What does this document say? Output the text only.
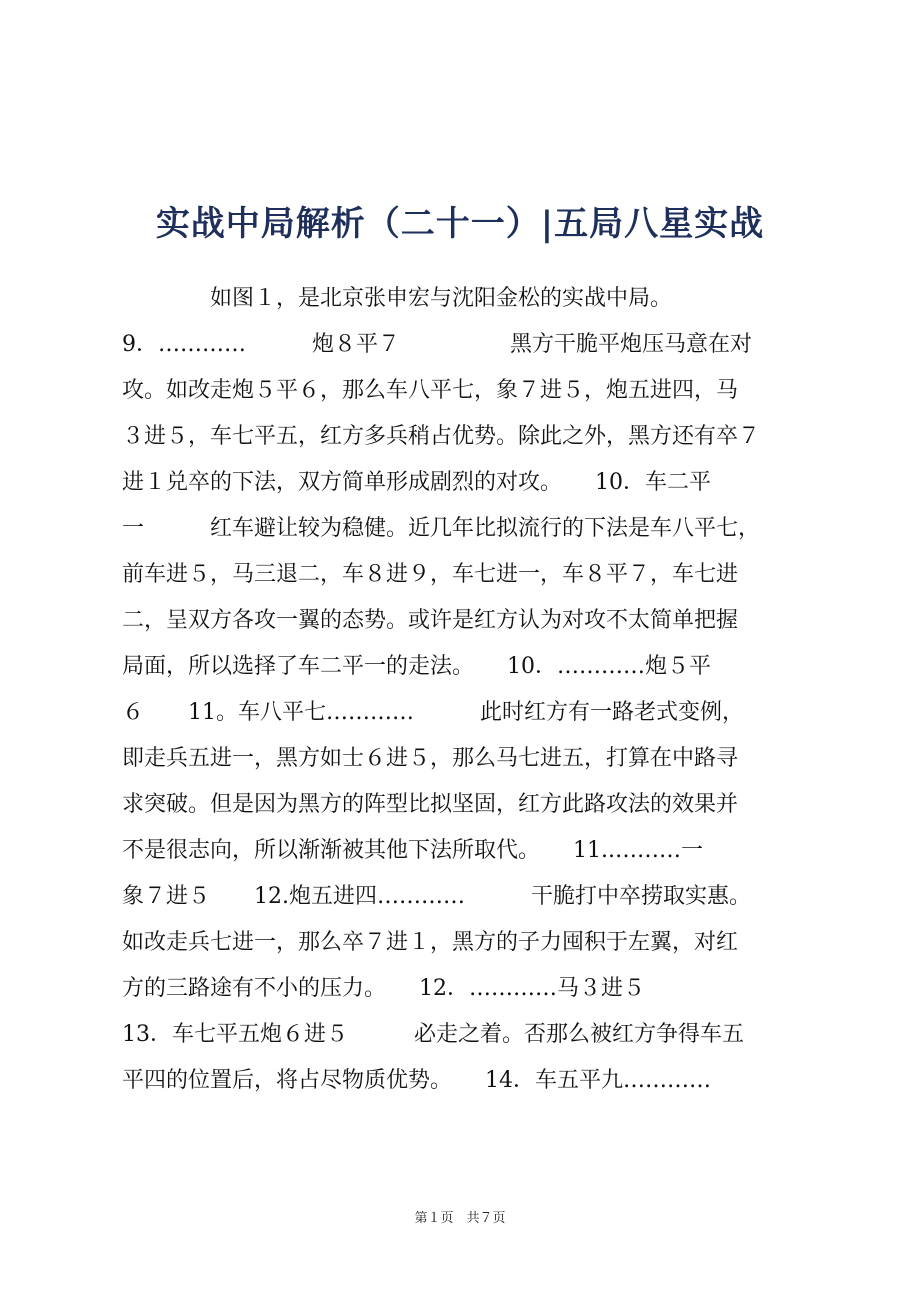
实战中局解析（二十一）|五局八星实战
　　　　如图１，是北京张申宏与沈阳金松的实战中局。
9．…………　　　炮８平７　　　　　黑方干脆平炮压马意在对
攻。如改走炮５平６，那么车八平七，象７进５，炮五进四，马
３进５，车七平五，红方多兵稍占优势。除此之外，黑方还有卒７
进１兑卒的下法，双方简单形成剧烈的对攻。　　10．车二平
一　　　红车避让较为稳健。近几年比拟流行的下法是车八平七，
前车进５，马三退二，车８进９，车七进一，车８平７，车七进
二，呈双方各攻一翼的态势。或许是红方认为对攻不太简单把握
局面，所以选择了车二平一的走法。　　10．…………炮５平
６　　11。车八平七…………　　　此时红方有一路老式变例，
即走兵五进一，黑方如士６进５，那么马七进五，打算在中路寻
求突破。但是因为黑方的阵型比拟坚固，红方此路攻法的效果并
不是很志向，所以渐渐被其他下法所取代。　　11..………一
象７进５　　12.炮五进四…………　　　干脆打中卒捞取实惠。
如改走兵七进一，那么卒７进１，黑方的子力囤积于左翼，对红
方的三路途有不小的压力。　　12．…………马３进５
13．车七平五炮６进５　　　必走之着。否那么被红方争得车五
平四的位置后，将占尽物质优势。　　14．车五平九…………
第１页　共７页
